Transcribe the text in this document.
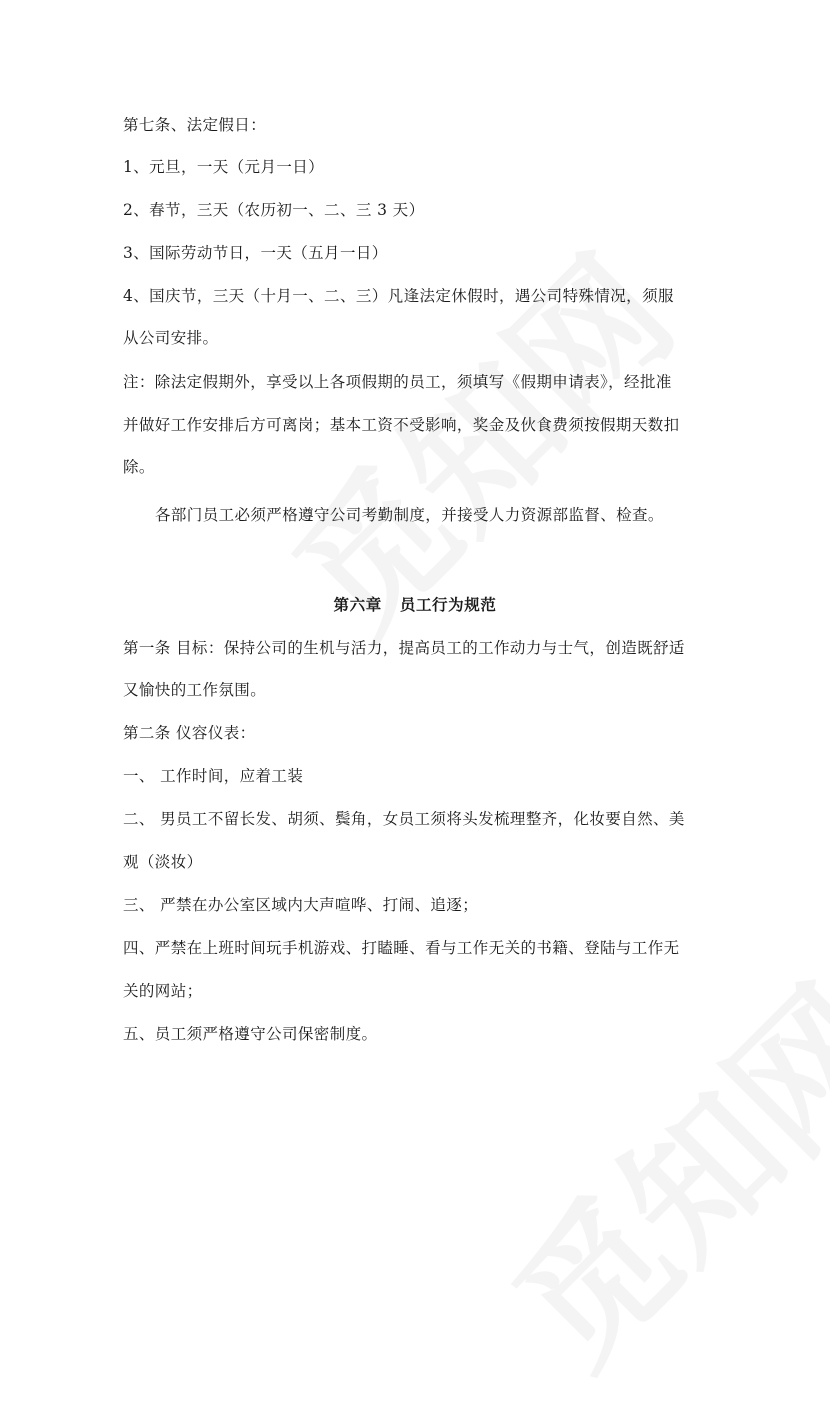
第七条、法定假日：
1、元旦，一天（元月一日）
2、春节，三天（农历初一、二、三 3 天）
3、国际劳动节日，一天（五月一日）
4、国庆节，三天（十月一、二、三）凡逢法定休假时，遇公司特殊情况，须服
从公司安排。
注：除法定假期外，享受以上各项假期的员工，须填写《假期申请表》，经批准
并做好工作安排后方可离岗；基本工资不受影响，奖金及伙食费须按假期天数扣
除。
各部门员工必须严格遵守公司考勤制度，并接受人力资源部监督、检查。
第六章 员工行为规范
第一条 目标：保持公司的生机与活力，提高员工的工作动力与士气，创造既舒适
又愉快的工作氛围。
第二条 仪容仪表：
一、 工作时间，应着工装
二、 男员工不留长发、胡须、鬓角，女员工须将头发梳理整齐，化妆要自然、美
观（淡妆）
三、 严禁在办公室区域内大声喧哗、打闹、追逐；
四、严禁在上班时间玩手机游戏、打瞌睡、看与工作无关的书籍、登陆与工作无
关的网站；
五、员工须严格遵守公司保密制度。
